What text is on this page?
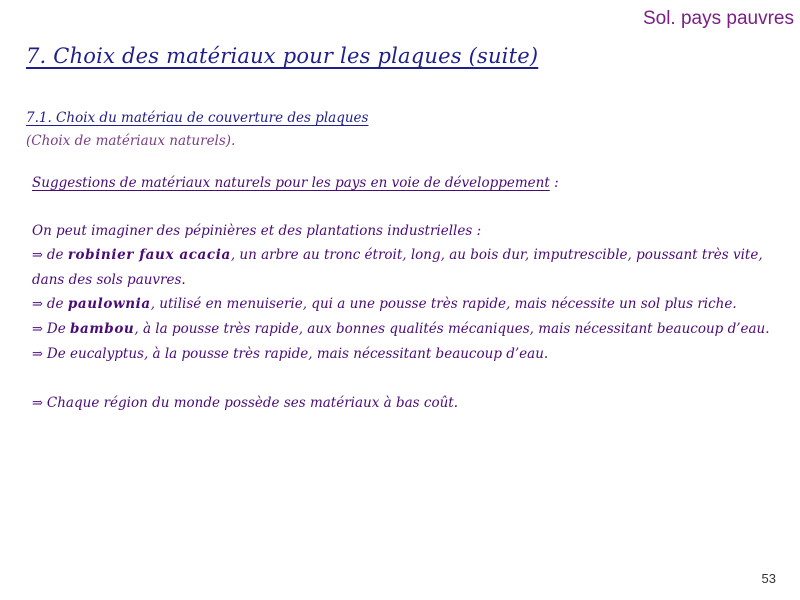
Sol. pays pauvres
7. Choix des matériaux pour les plaques (suite)
7.1. Choix du matériau de couverture des plaques
(Choix de matériaux naturels).
Suggestions de matériaux naturels pour les pays en voie de développement :
On peut imaginer des pépinières et des plantations industrielles :
⇒ de robinier faux acacia, un arbre au tronc étroit, long, au bois dur, imputrescible, poussant très vite, dans des sols pauvres.
⇒ de paulownia, utilisé en menuiserie, qui a une pousse très rapide, mais nécessite un sol plus riche.
⇒ De bambou, à la pousse très rapide, aux bonnes qualités mécaniques, mais nécessitant beaucoup d’eau.
⇒ De eucalyptus, à la pousse très rapide, mais nécessitant beaucoup d’eau.
⇒ Chaque région du monde possède ses matériaux à bas coût.
53
